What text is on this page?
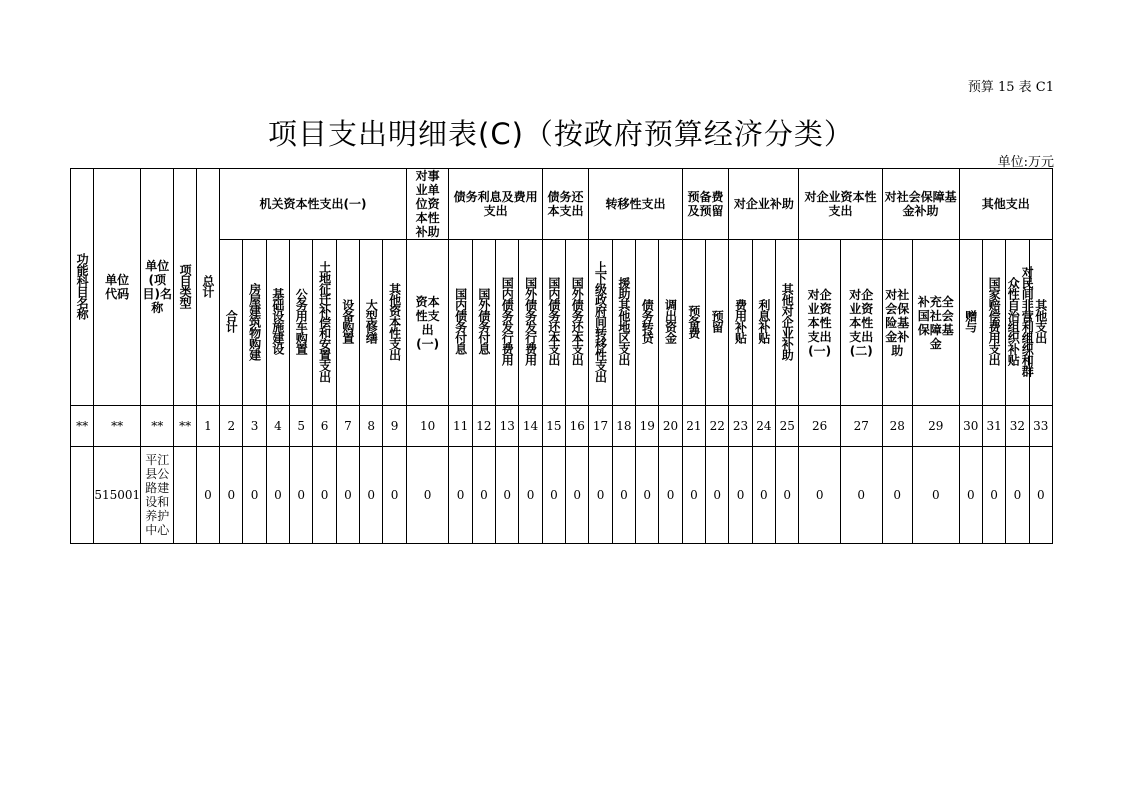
预算 15 表 C1
项目支出明细表(C)（按政府预算经济分类）
单位:万元
功能科目名称	单位代码	单位(项目)名称	项目类型	总计	机关资本性支出(一)								对事业单位资本性补助	债务利息及费用支出				债务还本支出		转移性支出				预备费及预留		对企业补助			对企业资本性支出		对社会保障基金补助		其他支出			
					合计	房屋建筑物购建	基础设施建设	公务用车购置	土地征迁补偿和安置支出	设备购置	大型修缮	其他资本性支出	资本性支出(一)	国内债务付息	国外债务付息	国内债务发行费用	国外债务发行费用	国内债务还本支出	国外债务还本支出	上下级政府间转移性支出	援助其他地区支出	债务转贷	调出资金	预备费	预留	费用补贴	利息补贴	其他对企业补助	对企业资本性支出(一)	对企业资本性支出(二)	对社会保险基金补助	补充全国社会保障基金	赠与	国家赔偿费用支出	对民间非营利组织和群众性自治组织补贴	其他支出
**	**	**	**	1	2	3	4	5	6	7	8	9	10	11	12	13	14	15	16	17	18	19	20	21	22	23	24	25	26	27	28	29	30	31	32	33
	515001	平江县公路建设和养护中心		0	0	0	0	0	0	0	0	0	0	0	0	0	0	0	0	0	0	0	0	0	0	0	0	0	0	0	0	0	0	0	0	0
